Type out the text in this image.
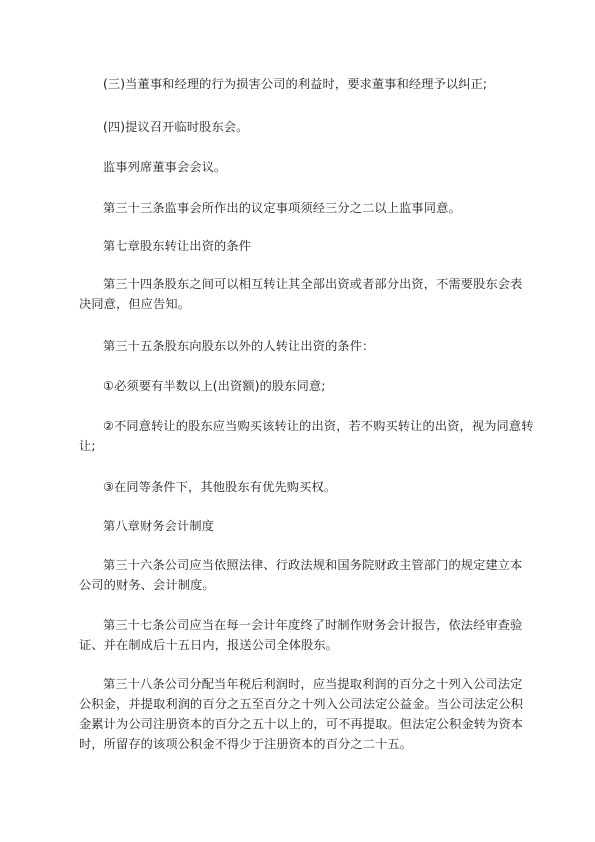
(三)当董事和经理的行为损害公司的利益时，要求董事和经理予以纠正;

(四)提议召开临时股东会。

监事列席董事会会议。

第三十三条监事会所作出的议定事项须经三分之二以上监事同意。

第七章股东转让出资的条件

第三十四条股东之间可以相互转让其全部出资或者部分出资，不需要股东会表决同意，但应告知。

第三十五条股东向股东以外的人转让出资的条件：

①必须要有半数以上(出资额)的股东同意;

②不同意转让的股东应当购买该转让的出资，若不购买转让的出资，视为同意转让;

③在同等条件下，其他股东有优先购买权。

第八章财务会计制度

第三十六条公司应当依照法律、行政法规和国务院财政主管部门的规定建立本公司的财务、会计制度。

第三十七条公司应当在每一会计年度终了时制作财务会计报告，依法经审查验证、并在制成后十五日内，报送公司全体股东。

第三十八条公司分配当年税后利润时，应当提取利润的百分之十列入公司法定公积金，并提取利润的百分之五至百分之十列入公司法定公益金。当公司法定公积金累计为公司注册资本的百分之五十以上的，可不再提取。但法定公积金转为资本时，所留存的该项公积金不得少于注册资本的百分之二十五。
